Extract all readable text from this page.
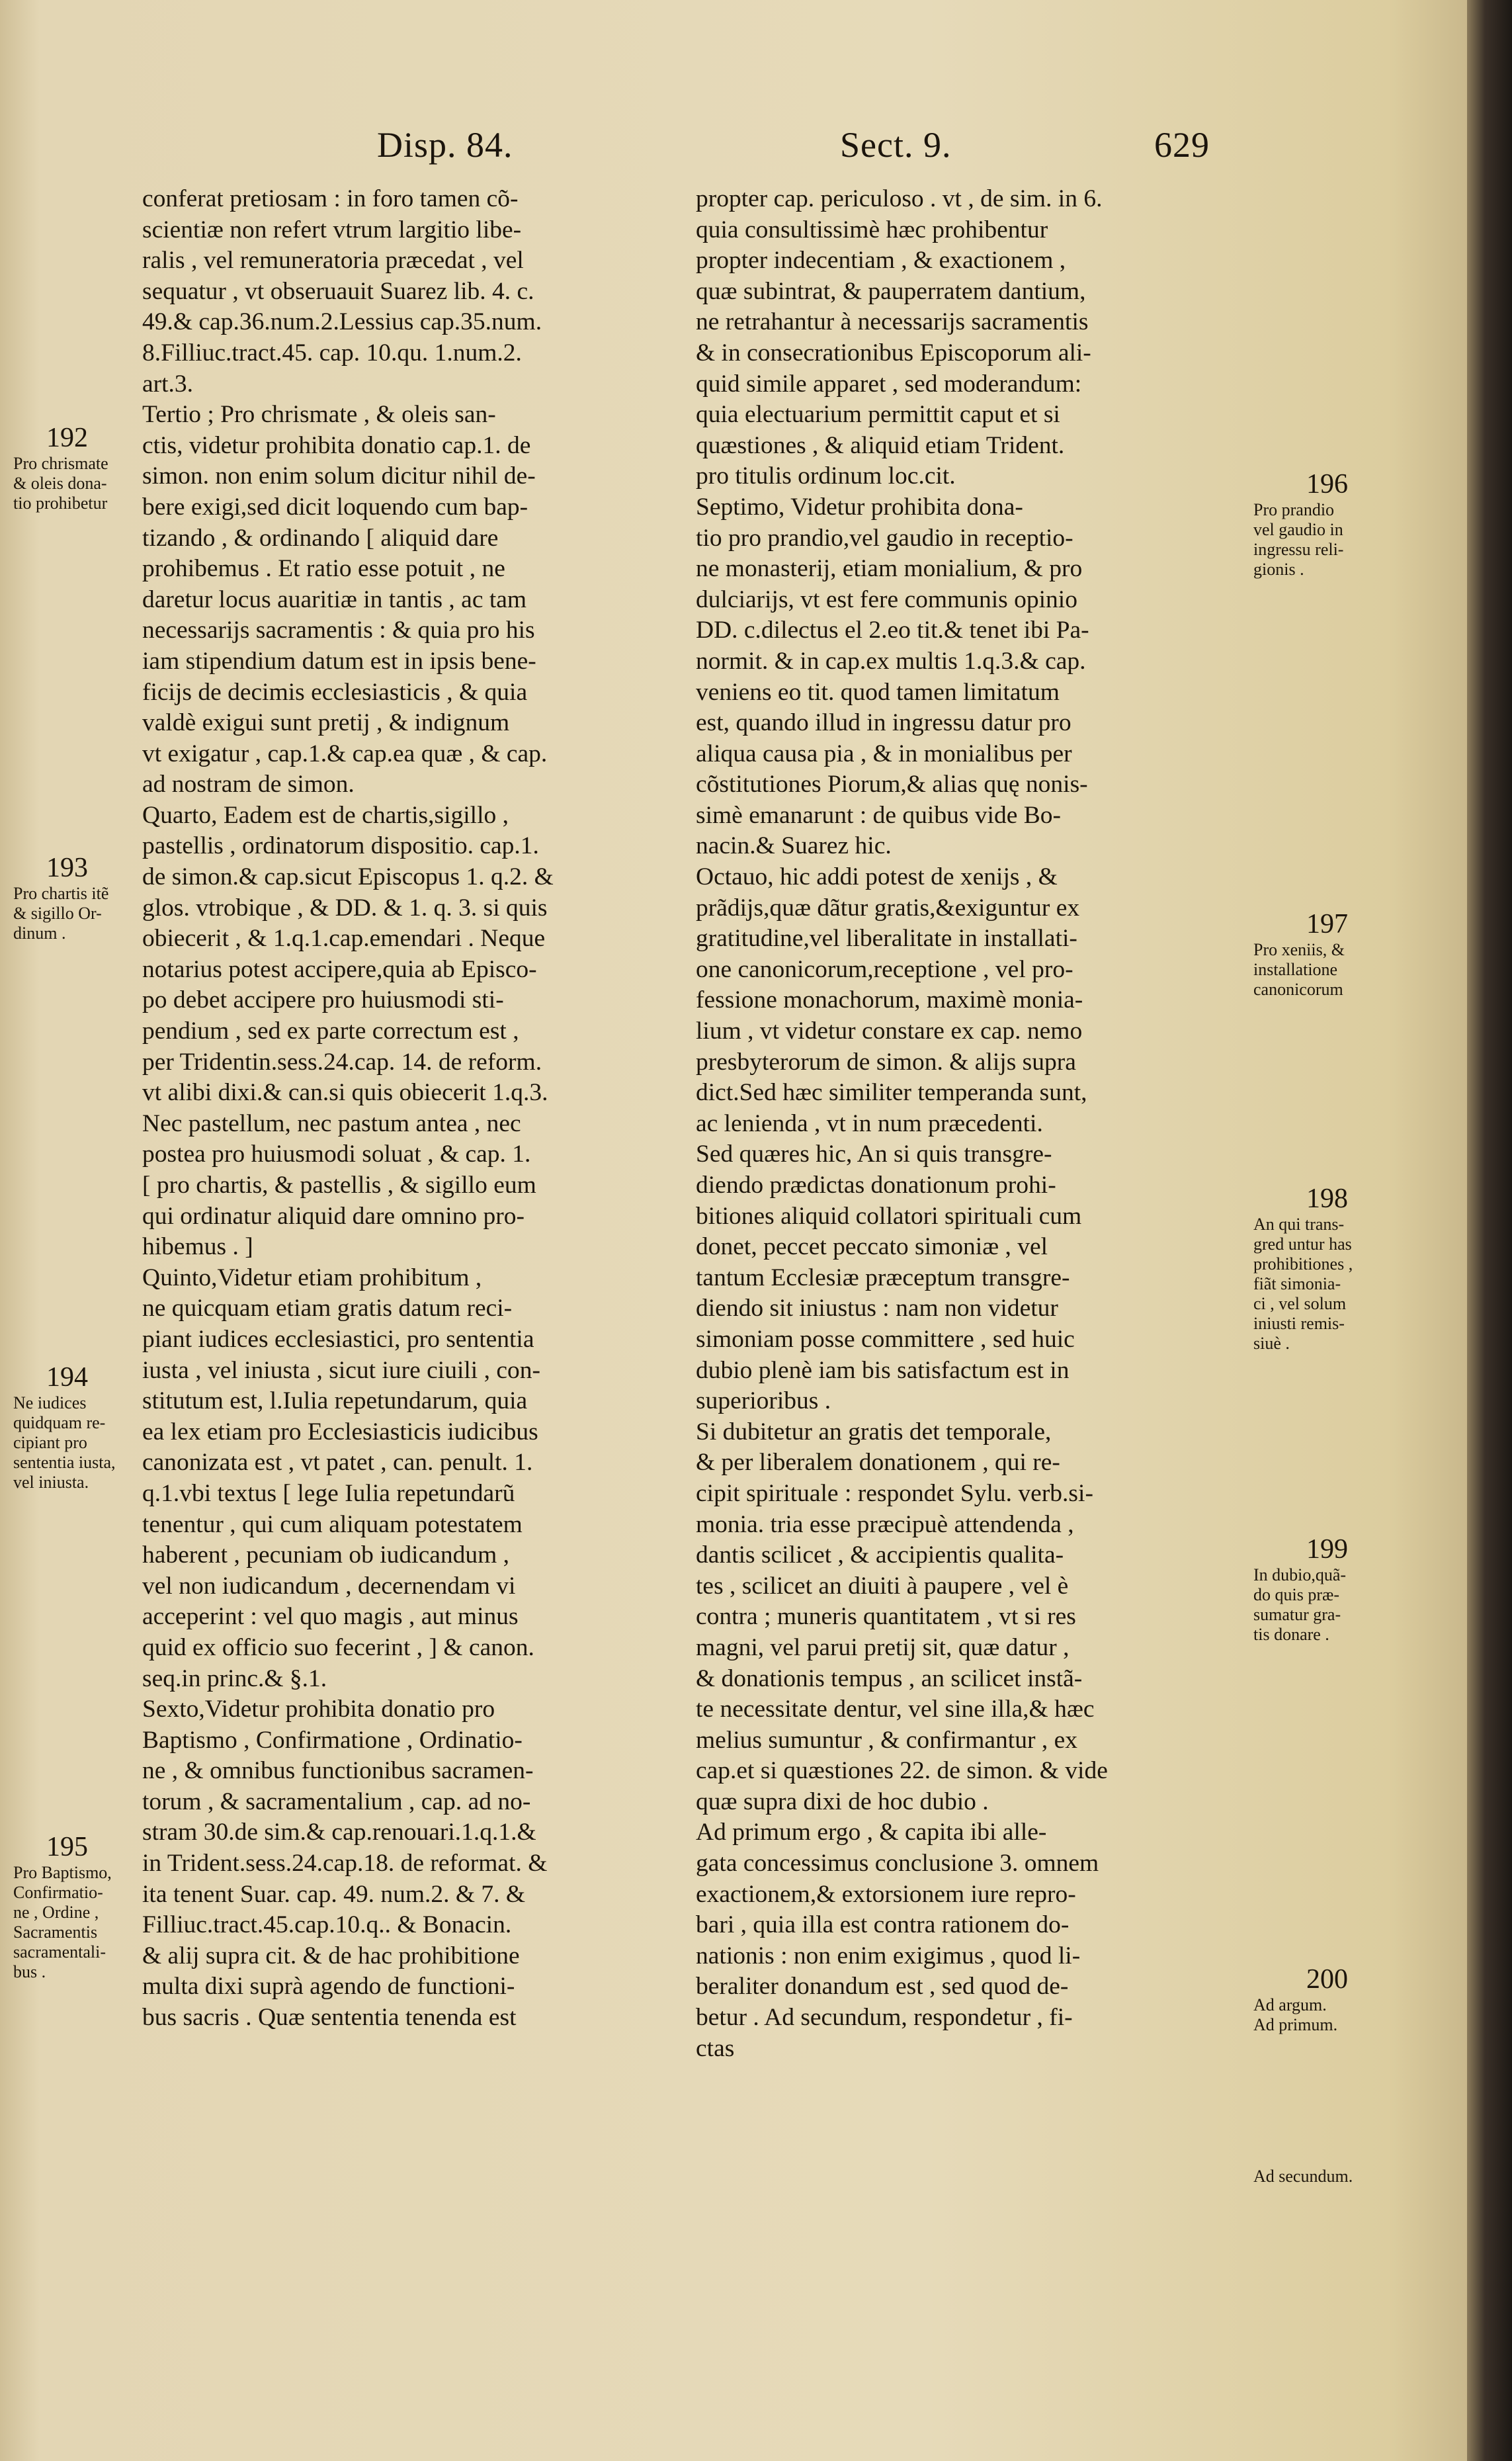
Disp. 84.	Sect. 9.	629
conferat pretiosam : in foro tamen cõ-
scientiæ non refert vtrum largitio libe-
ralis , vel remuneratoria præcedat , vel
sequatur , vt obseruauit Suarez lib. 4. c.
49.& cap.36.num.2.Lessius cap.35.num.
8.Filliuc.tract.45. cap. 10.qu. 1.num.2.
art.3.
Tertio ; Pro chrismate , & oleis san-
ctis, videtur prohibita donatio cap.1. de
simon. non enim solum dicitur nihil de-
bere exigi,sed dicit loquendo cum bap-
tizando , & ordinando [ aliquid dare
prohibemus . Et ratio esse potuit , ne
daretur locus auaritiæ in tantis , ac tam
necessarijs sacramentis : & quia pro his
iam stipendium datum est in ipsis bene-
ficijs de decimis ecclesiasticis , & quia
valdè exigui sunt pretij , & indignum
vt exigatur , cap.1.& cap.ea quæ , & cap.
ad nostram de simon.
Quarto, Eadem est de chartis,sigillo ,
pastellis , ordinatorum dispositio. cap.1.
de simon.& cap.sicut Episcopus 1. q.2. &
glos. vtrobique , & DD. & 1. q. 3. si quis
obiecerit , & 1.q.1.cap.emendari . Neque
notarius potest accipere,quia ab Episco-
po debet accipere pro huiusmodi sti-
pendium , sed ex parte correctum est ,
per Tridentin.sess.24.cap. 14. de reform.
vt alibi dixi.& can.si quis obiecerit 1.q.3.
Nec pastellum, nec pastum antea , nec
postea pro huiusmodi soluat , & cap. 1.
[ pro chartis, & pastellis , & sigillo eum
qui ordinatur aliquid dare omnino pro-
hibemus . ]
Quinto,Videtur etiam prohibitum ,
ne quicquam etiam gratis datum reci-
piant iudices ecclesiastici, pro sententia
iusta , vel iniusta , sicut iure ciuili , con-
stitutum est, l.Iulia repetundarum, quia
ea lex etiam pro Ecclesiasticis iudicibus
canonizata est , vt patet , can. penult. 1.
q.1.vbi textus [ lege Iulia repetundarũ
tenentur , qui cum aliquam potestatem
haberent , pecuniam ob iudicandum ,
vel non iudicandum , decernendam vi
acceperint : vel quo magis , aut minus
quid ex officio suo fecerint , ] & canon.
seq.in princ.& §.1.
Sexto,Videtur prohibita donatio pro
Baptismo , Confirmatione , Ordinatio-
ne , & omnibus functionibus sacramen-
torum , & sacramentalium , cap. ad no-
stram 30.de sim.& cap.renouari.1.q.1.&
in Trident.sess.24.cap.18. de reformat. &
ita tenent Suar. cap. 49. num.2. & 7. &
Filliuc.tract.45.cap.10.q.. & Bonacin.
& alij supra cit. & de hac prohibitione
multa dixi suprà agendo de functioni-
bus sacris . Quæ sententia tenenda est
propter cap. periculoso . vt , de sim. in 6.
quia consultissimè hæc prohibentur
propter indecentiam , & exactionem ,
quæ subintrat, & pauperratem dantium,
ne retrahantur à necessarijs sacramentis
& in consecrationibus Episcoporum ali-
quid simile apparet , sed moderandum:
quia electuarium permittit caput et si
quæstiones , & aliquid etiam Trident.
pro titulis ordinum loc.cit.
Septimo, Videtur prohibita dona-
tio pro prandio,vel gaudio in receptio-
ne monasterij, etiam monialium, & pro
dulciarijs, vt est fere communis opinio
DD. c.dilectus el 2.eo tit.& tenet ibi Pa-
normit. & in cap.ex multis 1.q.3.& cap.
veniens eo tit. quod tamen limitatum
est, quando illud in ingressu datur pro
aliqua causa pia , & in monialibus per
cõstitutiones Piorum,& alias quę nonis-
simè emanarunt : de quibus vide Bo-
nacin.& Suarez hic.
Octauo, hic addi potest de xenijs , &
prãdijs,quæ dãtur gratis,&exiguntur ex
gratitudine,vel liberalitate in installati-
one canonicorum,receptione , vel pro-
fessione monachorum, maximè monia-
lium , vt videtur constare ex cap. nemo
presbyterorum de simon. & alijs supra
dict.Sed hæc similiter temperanda sunt,
ac lenienda , vt in num præcedenti.
Sed quæres hic, An si quis transgre-
diendo prædictas donationum prohi-
bitiones aliquid collatori spirituali cum
donet, peccet peccato simoniæ , vel
tantum Ecclesiæ præceptum transgre-
diendo sit iniustus : nam non videtur
simoniam posse committere , sed huic
dubio plenè iam bis satisfactum est in
superioribus .
Si dubitetur an gratis det temporale,
& per liberalem donationem , qui re-
cipit spirituale : respondet Sylu. verb.si-
monia. tria esse præcipuè attendenda ,
dantis scilicet , & accipientis qualita-
tes , scilicet an diuiti à paupere , vel è
contra ; muneris quantitatem , vt si res
magni, vel parui pretij sit, quæ datur ,
& donationis tempus , an scilicet instã-
te necessitate dentur, vel sine illa,& hæc
melius sumuntur , & confirmantur , ex
cap.et si quæstiones 22. de simon. & vide
quæ supra dixi de hoc dubio .
Ad primum ergo , & capita ibi alle-
gata concessimus conclusione 3. omnem
exactionem,& extorsionem iure repro-
bari , quia illa est contra rationem do-
nationis : non enim exigimus , quod li-
beraliter donandum est , sed quod de-
betur . Ad secundum, respondetur , fi-
ctas
192
Pro chrismate
& oleis dona-
tio prohibetur
193
Pro chartis itẽ
& sigillo Or-
dinum .
194
Ne iudices
quidquam re-
cipiant pro
sententia iusta,
vel iniusta.
195
Pro Baptismo,
Confirmatio-
ne , Ordine ,
Sacramentis
sacramentali-
bus .
196
Pro prandio
vel gaudio in
ingressu reli-
gionis .
197
Pro xeniis, &
installatione
canonicorum
198
An qui trans-
gred untur has
prohibitiones ,
fiãt simonia-
ci , vel solum
iniusti remis-
siuè .
199
In dubio,quã-
do quis præ-
sumatur gra-
tis donare .
200
Ad argum.
Ad primum.
Ad secundum.
